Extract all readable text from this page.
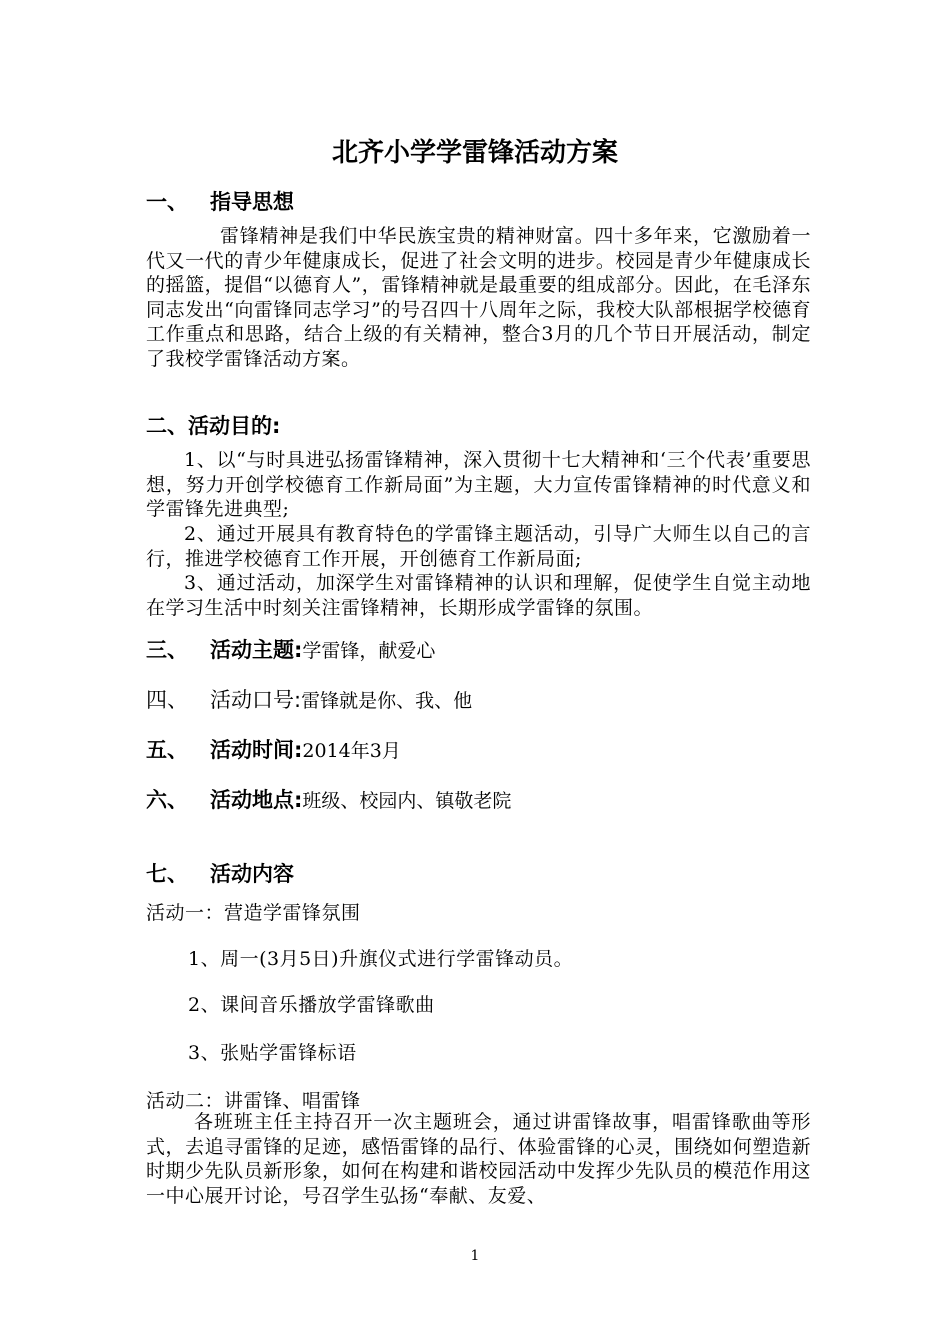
北齐小学学雷锋活动方案
一、 指导思想
雷锋精神是我们中华民族宝贵的精神财富。四十多年来，它激励着一代又一代的青少年健康成长，促进了社会文明的进步。校园是青少年健康成长的摇篮，提倡“以德育人”，雷锋精神就是最重要的组成部分。因此，在毛泽东同志发出“向雷锋同志学习”的号召四十八周年之际，我校大队部根据学校德育工作重点和思路，结合上级的有关精神，整合3月的几个节日开展活动，制定了我校学雷锋活动方案。
二、活动目的:
1、以“与时具进弘扬雷锋精神，深入贯彻十七大精神和‘三个代表’重要思想，努力开创学校德育工作新局面”为主题，大力宣传雷锋精神的时代意义和学雷锋先进典型;
2、通过开展具有教育特色的学雷锋主题活动，引导广大师生以自己的言行，推进学校德育工作开展，开创德育工作新局面;
3、通过活动，加深学生对雷锋精神的认识和理解，促使学生自觉主动地在学习生活中时刻关注雷锋精神，长期形成学雷锋的氛围。
三、 活动主题:学雷锋，献爱心
四、 活动口号:雷锋就是你、我、他
五、 活动时间:2014年3月
六、 活动地点:班级、校园内、镇敬老院
七、 活动内容
活动一：营造学雷锋氛围
1、周一(3月5日)升旗仪式进行学雷锋动员。
2、课间音乐播放学雷锋歌曲
3、张贴学雷锋标语
活动二：讲雷锋、唱雷锋
各班班主任主持召开一次主题班会，通过讲雷锋故事，唱雷锋歌曲等形式，去追寻雷锋的足迹，感悟雷锋的品行、体验雷锋的心灵，围绕如何塑造新时期少先队员新形象，如何在构建和谐校园活动中发挥少先队员的模范作用这一中心展开讨论，号召学生弘扬“奉献、友爱、
1
